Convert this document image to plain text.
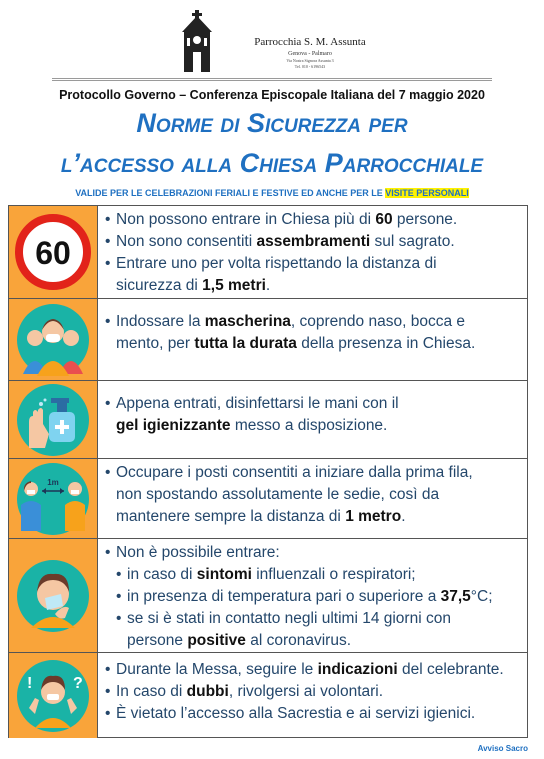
Parrocchia S. M. Assunta
Genova - Palmaro
Via Nostra Signora Assunta 3
Tel. 010 - 6196543
Protocollo Governo – Conferenza Episcopale Italiana del 7 maggio 2020
Norme di Sicurezza per
l’accesso alla Chiesa Parrocchiale
VALIDE PER LE CELEBRAZIONI FERIALI E FESTIVE ED ANCHE PER LE VISITE PERSONALI
60
• Non possono entrare in Chiesa più di 60 persone.
• Non sono consentiti assembramenti sul sagrato.
• Entrare uno per volta rispettando la distanza di
sicurezza di 1,5 metri.
• Indossare la mascherina, coprendo naso, bocca e
mento, per tutta la durata della presenza in Chiesa.
• Appena entrati, disinfettarsi le mani con il
gel igienizzante messo a disposizione.
1m
• Occupare i posti consentiti a iniziare dalla prima fila,
non spostando assolutamente le sedie, così da
mantenere sempre la distanza di 1 metro.
• Non è possibile entrare:
• in caso di sintomi influenzali o respiratori;
• in presenza di temperatura pari o superiore a 37,5°C;
• se si è stati in contatto negli ultimi 14 giorni con
persone positive al coronavirus.
!	?
• Durante la Messa, seguire le indicazioni del celebrante.
• In caso di dubbi, rivolgersi ai volontari.
• È vietato l’accesso alla Sacrestia e ai servizi igienici.
Avviso Sacro
